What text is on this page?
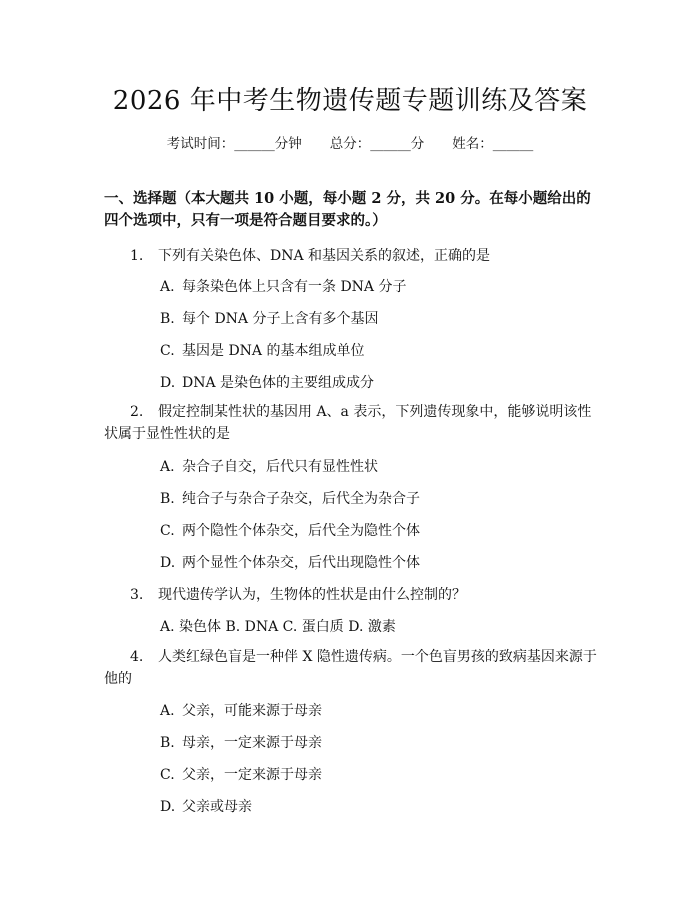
2026 年中考生物遗传题专题训练及答案
考试时间：______分钟 总分：______分 姓名：______
一、选择题（本大题共 10 小题，每小题 2 分，共 20 分。在每小题给出的四个选项中，只有一项是符合题目要求的。）
1. 下列有关染色体、DNA 和基因关系的叙述，正确的是
A. 每条染色体上只含有一条 DNA 分子
B. 每个 DNA 分子上含有多个基因
C. 基因是 DNA 的基本组成单位
D. DNA 是染色体的主要组成成分
2. 假定控制某性状的基因用 A、a 表示，下列遗传现象中，能够说明该性状属于显性性状的是
A. 杂合子自交，后代只有显性性状
B. 纯合子与杂合子杂交，后代全为杂合子
C. 两个隐性个体杂交，后代全为隐性个体
D. 两个显性个体杂交，后代出现隐性个体
3. 现代遗传学认为，生物体的性状是由什么控制的？
A. 染色体 B. DNA C. 蛋白质 D. 激素
4. 人类红绿色盲是一种伴 X 隐性遗传病。一个色盲男孩的致病基因来源于他的
A. 父亲，可能来源于母亲
B. 母亲，一定来源于母亲
C. 父亲，一定来源于母亲
D. 父亲或母亲
